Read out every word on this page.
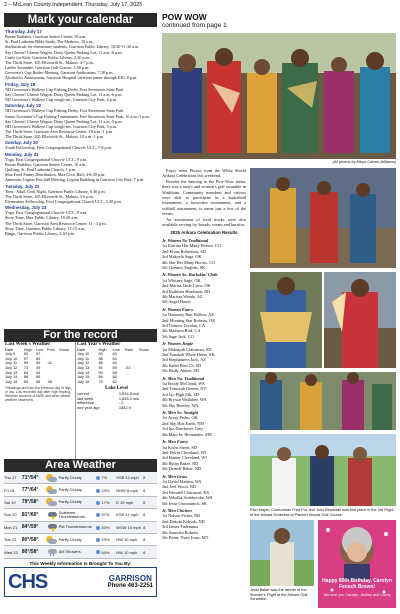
2 – McLean County Independent, Thursday, July 17, 2025
Mark your calendar
Thursday, July 17

Boone Builders, Garrison Senior Center, 10 a.m.

St. Paul Lutheran Bible Study, The Medows, 10 a.m.

Stafftasticals for elementary students, Garrison Public Library, 10:30-11:30 a.m.

Say Cheese! Cheese Wagon, Dairy Queen Parking Lot, 11 a.m.-6 p.m.

Crafts for Kids, Garrison Public Library, 2:30 p.m.

The Thrift Store, 105 Ellsworth St., Makoti, 4-7 p.m.

Ladies Scramble, Garrison Golf Course, 5:30 p.m.

Governor's Cup Rodeo Meeting, Garrison Auditorium, 7:30 p.m.

Alcoholics Anonymous, Garrison Hospital cafeteria (enter through ER), 8 p.m.

Friday, July 18

ND Governor's Walleye Cup Fishing Derby, Fort Stevenson State Park

Say Cheese! Cheese Wagon, Dairy Queen Parking Lot, 11 a.m.-6 p.m.

ND Governor's Walleye Cup weigh-ins, Garrison City Park, 4 p.m.

Saturday, July 19

ND Governor's Walleye Cup Fishing Derby, Fort Stevenson State Park

Junior Governor's Cup Fishing Tournament, Fort Stevenson State Park, 10 a.m.-1 p.m.

Say Cheese! Cheese Wagon, Dairy Queen Parking Lot, 11 a.m.-5 p.m.

ND Governor's Walleye Cup weigh-ins, Garrison City Park, 5 p.m.

The Thrift Store, Garrison Area Resource Center, 10 a.m.-1 p.m.

The Thrift Store, 105 Ellsworth St., Makoti, 10 a.m.-1 p.m.

Sunday, July 20

Youth Fellowship, First Congregational Church- UCC, 7-8 p.m.

Monday, July 21

Yoga, First Congregational Church- UCC, 9 a.m.

Boone Builders, Garrison Senior Center, 10 a.m.

Quilting, St. Paul Lutheran Church, 1 p.m.

Max Food Pantry Distribution, Max Civic Hall, 4-6:30 p.m.

American Legion Post #49 Meeting, Legion Building in Garrison City Park, 7 p.m.

Tuesday, July 22

Teen / Adult Craft Night, Garrison Public Library, 6:30 p.m.

The Thrift Store, 105 Ellsworth St., Makoti, 3-6 p.m.

Elementary Fellowship, First Congregational Church UCC, 5:30 p.m.

Wednesday, July 23

Yoga, First Congregational Church- UCC, 9 a.m.

Story Time, Max Public Library, 10:30 a.m.

The Thrift Store, Garrison Area Resource Center, 11 - 3 p.m.

Story Time, Garrison Public Library, 11:15 a.m.

Bingo, Garrison Public Library, 2:30 p.m.

For the record
Last Week's Weather
Date	High	Low	Prec	Snow
July 9	82	57		
July 10	97	60		
July 11	99	59	.11	
July 12	73	49		
July 13	84	54		
July 14	88	65		
July 15	89	58	.06	
*Readings are from the previous day of high, or low. Low recorded day after high reading. Weather courtesy of NWS and other official weather observers.
Last Year's Weather
Date	High	Low	Rain	Snow
July 10	83	63		
July 11	86	64		
July 12	86	63		
July 13	91	69	.02	
July 14	90	58		
July 15	86	65		
July 16	79	62		
Lake Level
current	1,834.8 msl
last week	1,835.0 msl
difference	-.2
one year ago	1842.9
Area Weather
Thu 17	71°/54°	Partly Cloudy	7%	SSE 12 mph	8
Fri 18	77°/64°	Partly Cloudy	24%	NNW 8 mph	8
Sat 19	79°/58°	Partly Cloudy	17%	E 10 mph	8
Sun 20	81°/60°	Scattered Thunderstorms	57%	ESE 11 mph	8
Mon 21 84°/59°	PM Thunderstorms	40%	WSW 10 mph 8
Tue 22	80°/58°	Partly Cloudy	23%	NW 10 mph	8
Wed 23 80°/58°	AM Showers	54%	NW 10 mph	8
This Weekly Information Is Brought To You By:
CHS	GARRISON
Phone 463-2251
POW WOW
continued from page 1
(All photos by Ethyn Calvert-Williams)

Enjoy more Photos from the White Shield Arikara Celebration this weekend.

Besides the dancing in the Pow-Wow arena, there was a men's and women's golf scramble in Washburn. Community members and visitors were able to participate in a basketball tournament, a horseshoe tournament, and a softball tournament, to name just a few of the events.

An assortment of food trucks were also available serving fry-breads, cream and burritos.

2025 Arikara Celebration Results

Jr. Women No Traditional

1st Katrina Her Many Horses, CO

2nd Elyna Robertson, SD

3rd Makayla Sage, OK

4th Star Her Many Horses, CO

5th Chesney English, SK

Jr. Women So. Buckskin/ Cloth

1st Whitney Sage, OK

2nd Marisa Little Crow, OK

3rd Kathleen Headman, ND

4th Marissa Wendy, AZ

5th Angel Harris

Jr. Women Fancy

1st Harmony Bun Hollow, AZ

2nd Morning Star Roberts, OK

3rd Genesis Tocalan, CA

4th Madison Bird, CA

5th Sage Jack, CO

Jr. Women Jingle

1st Makaiyah Clairmont, SD

2nd Yanehah White Horse, SK

3rd Stephaneers Jack, AZ

4th Isabel Bird Ch, SD

5th Hadly Akken, SD

Jr. Men No. Traditional

1st Brody McCloud, WA

2nd Tomorah Greens, NV

3rd Iyo High Elk, SD

4th Bryson Wallahee, WA

5th Sky Beasley, WA

Jr. Men So. Straight

1st Avery Pedro, OK

2nd Sky Hits Earth, NM

3rd Ipa Dutchover Grey

4th Mato Iw Hernandez, MN

Jr. Men Fancy

1st Kisen Street, SD

2nd David Cleveland, WI

3rd Hunter Cleveland, WI

4th Rylan Baker, ND

5th Darnell Baker, ND

Jr. Men Grass

1st David Madera, WA

2nd Joel Wood, ND

3rd Wendell Clairmont, KS

4th Nikolka Scabbyrobe, WA

5th Jesse Osmoninick, SK

Jr. Men Chicken

1st Nelson Fisher, ND

2nd Dakota Kebyah, ND

3rd James Padeninus

4th Sonnoka Roberts

5th Prime Three Irons, MT

Rich Mayer, Councilman Fred Fox and John Beanstall took first place in the 3rd Flight of the Arikara Scramble at Painted Woods Golf Course.
Jessi Baker was the winner of the Women's Flight at the Arikara Golf Scramble.
Happy 80th Birthday, Carolyn Fenech Brown!
We love you Carolyn, Ashley and Corey
